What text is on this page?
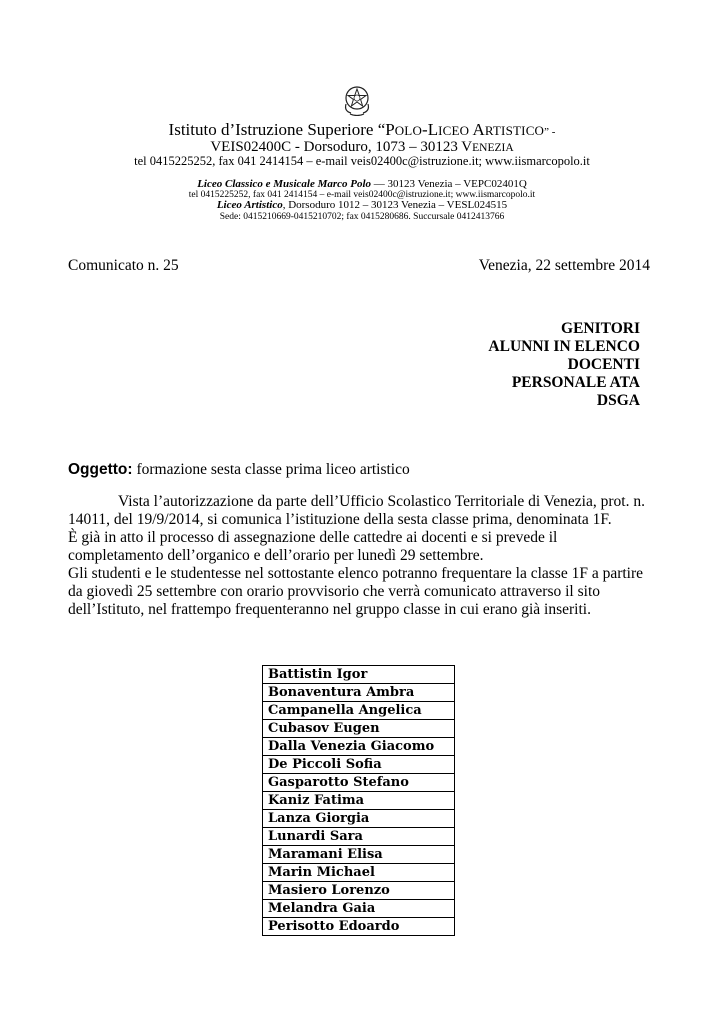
Istituto d’Istruzione Superiore “POLO-LICEO ARTISTICO” -
VEIS02400C - Dorsoduro, 1073 – 30123 VENEZIA
tel 0415225252, fax 041 2414154 – e-mail veis02400c@istruzione.it; www.iismarcopolo.it
Liceo Classico e Musicale Marco Polo — 30123 Venezia – VEPC02401Q
tel 0415225252, fax 041 2414154 – e-mail veis02400c@istruzione.it; www.iismarcopolo.it
Liceo Artistico, Dorsoduro 1012 – 30123 Venezia – VESL024515
Sede: 0415210669-0415210702; fax 0415280686. Succursale 0412413766
Comunicato n. 25	Venezia, 22 settembre 2014
GENITORI
ALUNNI IN ELENCO
DOCENTI
PERSONALE ATA
DSGA
Oggetto: formazione sesta classe prima liceo artistico

Vista l’autorizzazione da parte dell’Ufficio Scolastico Territoriale di Venezia, prot. n. 14011, del 19/9/2014, si comunica l’istituzione della sesta classe prima, denominata 1F.

È già in atto il processo di assegnazione delle cattedre ai docenti e si prevede il completamento dell’organico e dell’orario per lunedì 29 settembre.

Gli studenti e le studentesse nel sottostante elenco potranno frequentare la classe 1F a partire da giovedì 25 settembre con orario provvisorio che verrà comunicato attraverso il sito dell’Istituto, nel frattempo frequenteranno nel gruppo classe in cui erano già inseriti.

Battistin Igor
Bonaventura Ambra
Campanella Angelica
Cubasov Eugen
Dalla Venezia Giacomo
De Piccoli Sofia
Gasparotto Stefano
Kaniz Fatima
Lanza Giorgia
Lunardi Sara
Maramani Elisa
Marin Michael
Masiero Lorenzo
Melandra Gaia
Perisotto Edoardo
